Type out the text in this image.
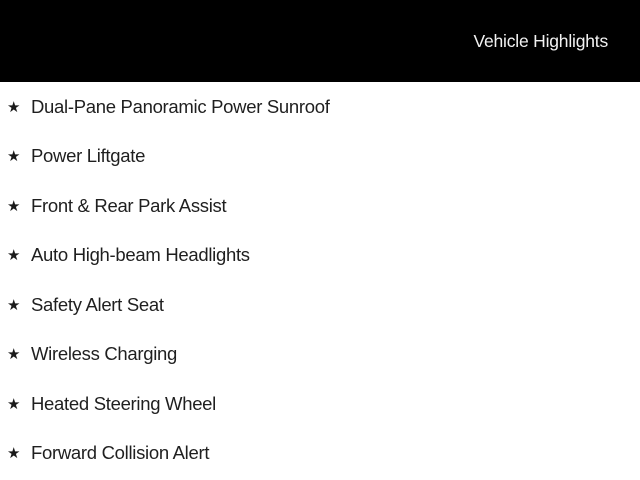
Vehicle Highlights
★ Dual-Pane Panoramic Power Sunroof
★ Power Liftgate
★ Front & Rear Park Assist
★ Auto High-beam Headlights
★ Safety Alert Seat
★ Wireless Charging
★ Heated Steering Wheel
★ Forward Collision Alert
